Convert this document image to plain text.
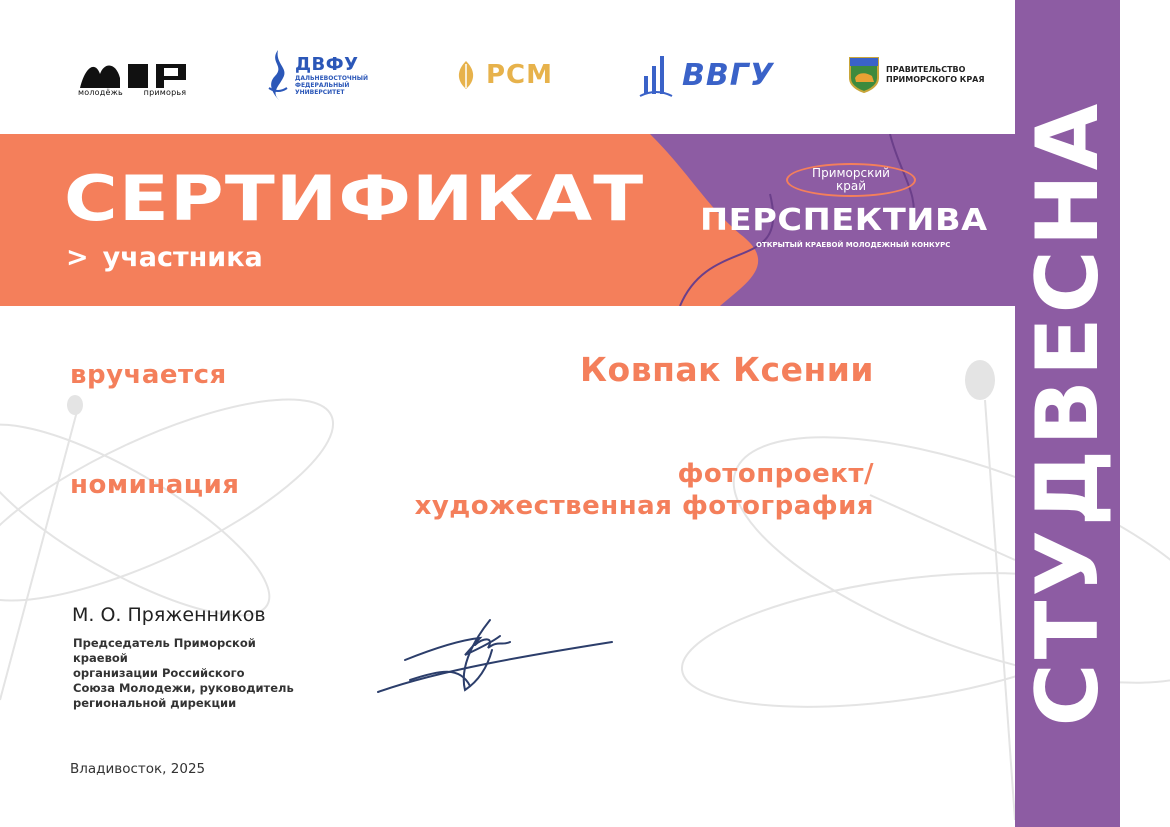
молодёжь	приморья
ДВФУ
ДАЛЬНЕВОСТОЧНЫЙ
ФЕДЕРАЛЬНЫЙ
УНИВЕРСИТЕТ
РСМ	ВВГУ	ПРАВИТЕЛЬСТВО
ПРИМОРСКОГО КРАЯ
СЕРТИФИКАТ
> участника
Приморский
край
ПЕРСПЕКТИВА
ОТКРЫТЫЙ КРАЕВОЙ МОЛОДЕЖНЫЙ КОНКУРС СТУДВЕСНА
вручается	Ковпак Ксении
номинация	фотопроект/
художественная фотография
М. О. Пряженников
Председатель Приморской краевой
организации Российского
Союза Молодежи, руководитель
региональной дирекции
Владивосток, 2025
